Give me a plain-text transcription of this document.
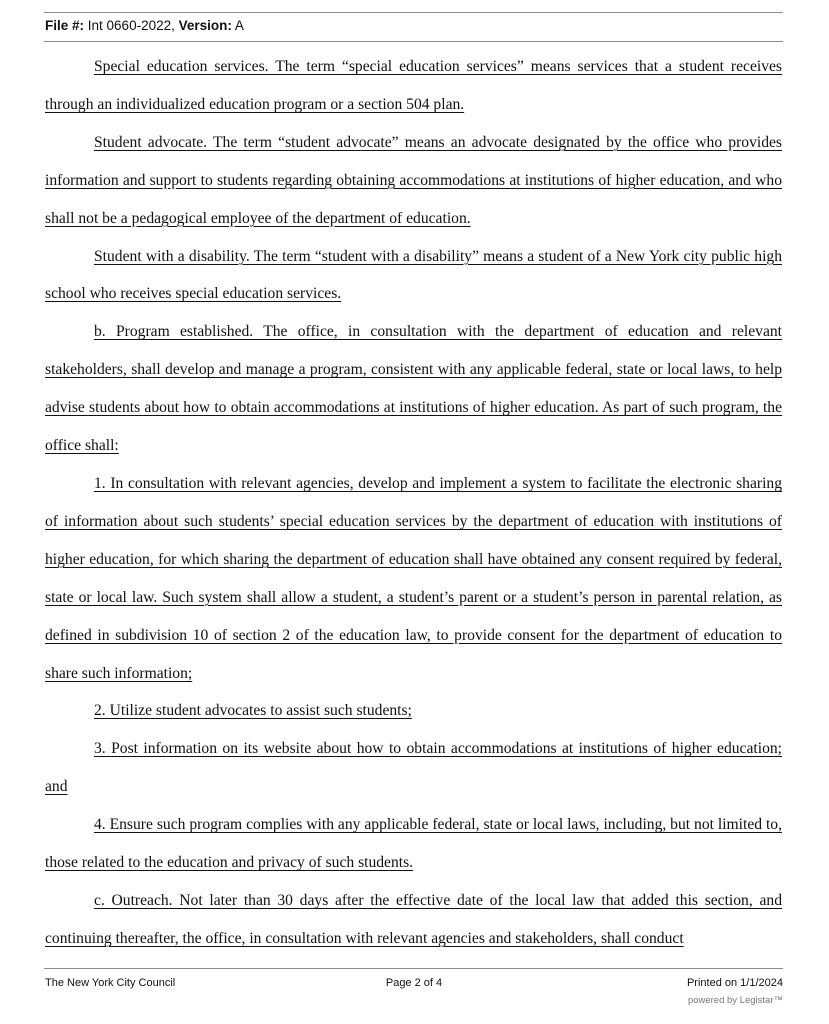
File #: Int 0660-2022, Version: A

Special education services. The term “special education services” means services that a student receives through an individualized education program or a section 504 plan.

Student advocate. The term “student advocate” means an advocate designated by the office who provides information and support to students regarding obtaining accommodations at institutions of higher education, and who shall not be a pedagogical employee of the department of education.

Student with a disability. The term “student with a disability” means a student of a New York city public high school who receives special education services.

b. Program established. The office, in consultation with the department of education and relevant stakeholders, shall develop and manage a program, consistent with any applicable federal, state or local laws, to help advise students about how to obtain accommodations at institutions of higher education. As part of such program, the office shall:

1. In consultation with relevant agencies, develop and implement a system to facilitate the electronic sharing of information about such students’ special education services by the department of education with institutions of higher education, for which sharing the department of education shall have obtained any consent required by federal, state or local law. Such system shall allow a student, a student’s parent or a student’s person in parental relation, as defined in subdivision 10 of section 2 of the education law, to provide consent for the department of education to share such information;

2. Utilize student advocates to assist such students;

3. Post information on its website about how to obtain accommodations at institutions of higher education; and

4. Ensure such program complies with any applicable federal, state or local laws, including, but not limited to, those related to the education and privacy of such students.

c. Outreach. Not later than 30 days after the effective date of the local law that added this section, and continuing thereafter, the office, in consultation with relevant agencies and stakeholders, shall conduct

The New York City Council	Page 2 of 4	Printed on 1/1/2024
powered by Legistar™
